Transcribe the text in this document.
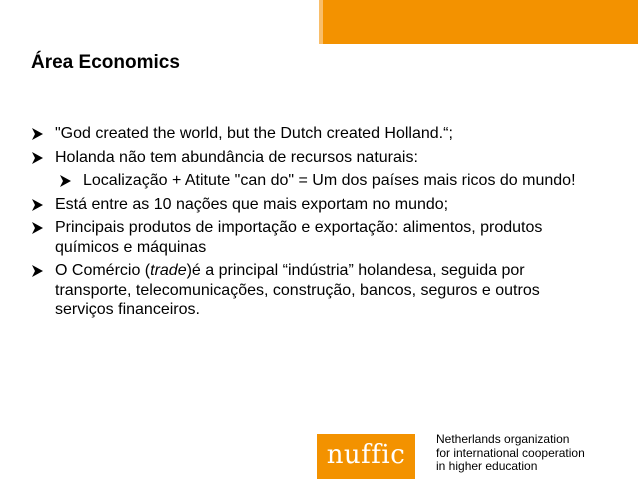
Área Economics
"God created the world, but the Dutch created Holland.“;
Holanda não tem abundância de recursos naturais:
Localização + Atitute "can do" = Um dos países mais ricos do mundo!
Está entre as 10 nações que mais exportam no mundo;
Principais produtos de importação e exportação: alimentos, produtos químicos e máquinas
O Comércio (trade)é a principal “indústria” holandesa, seguida por transporte, telecomunicações, construção, bancos, seguros e outros serviços financeiros.
nuffic
Netherlands organization
for international cooperation
in higher education
